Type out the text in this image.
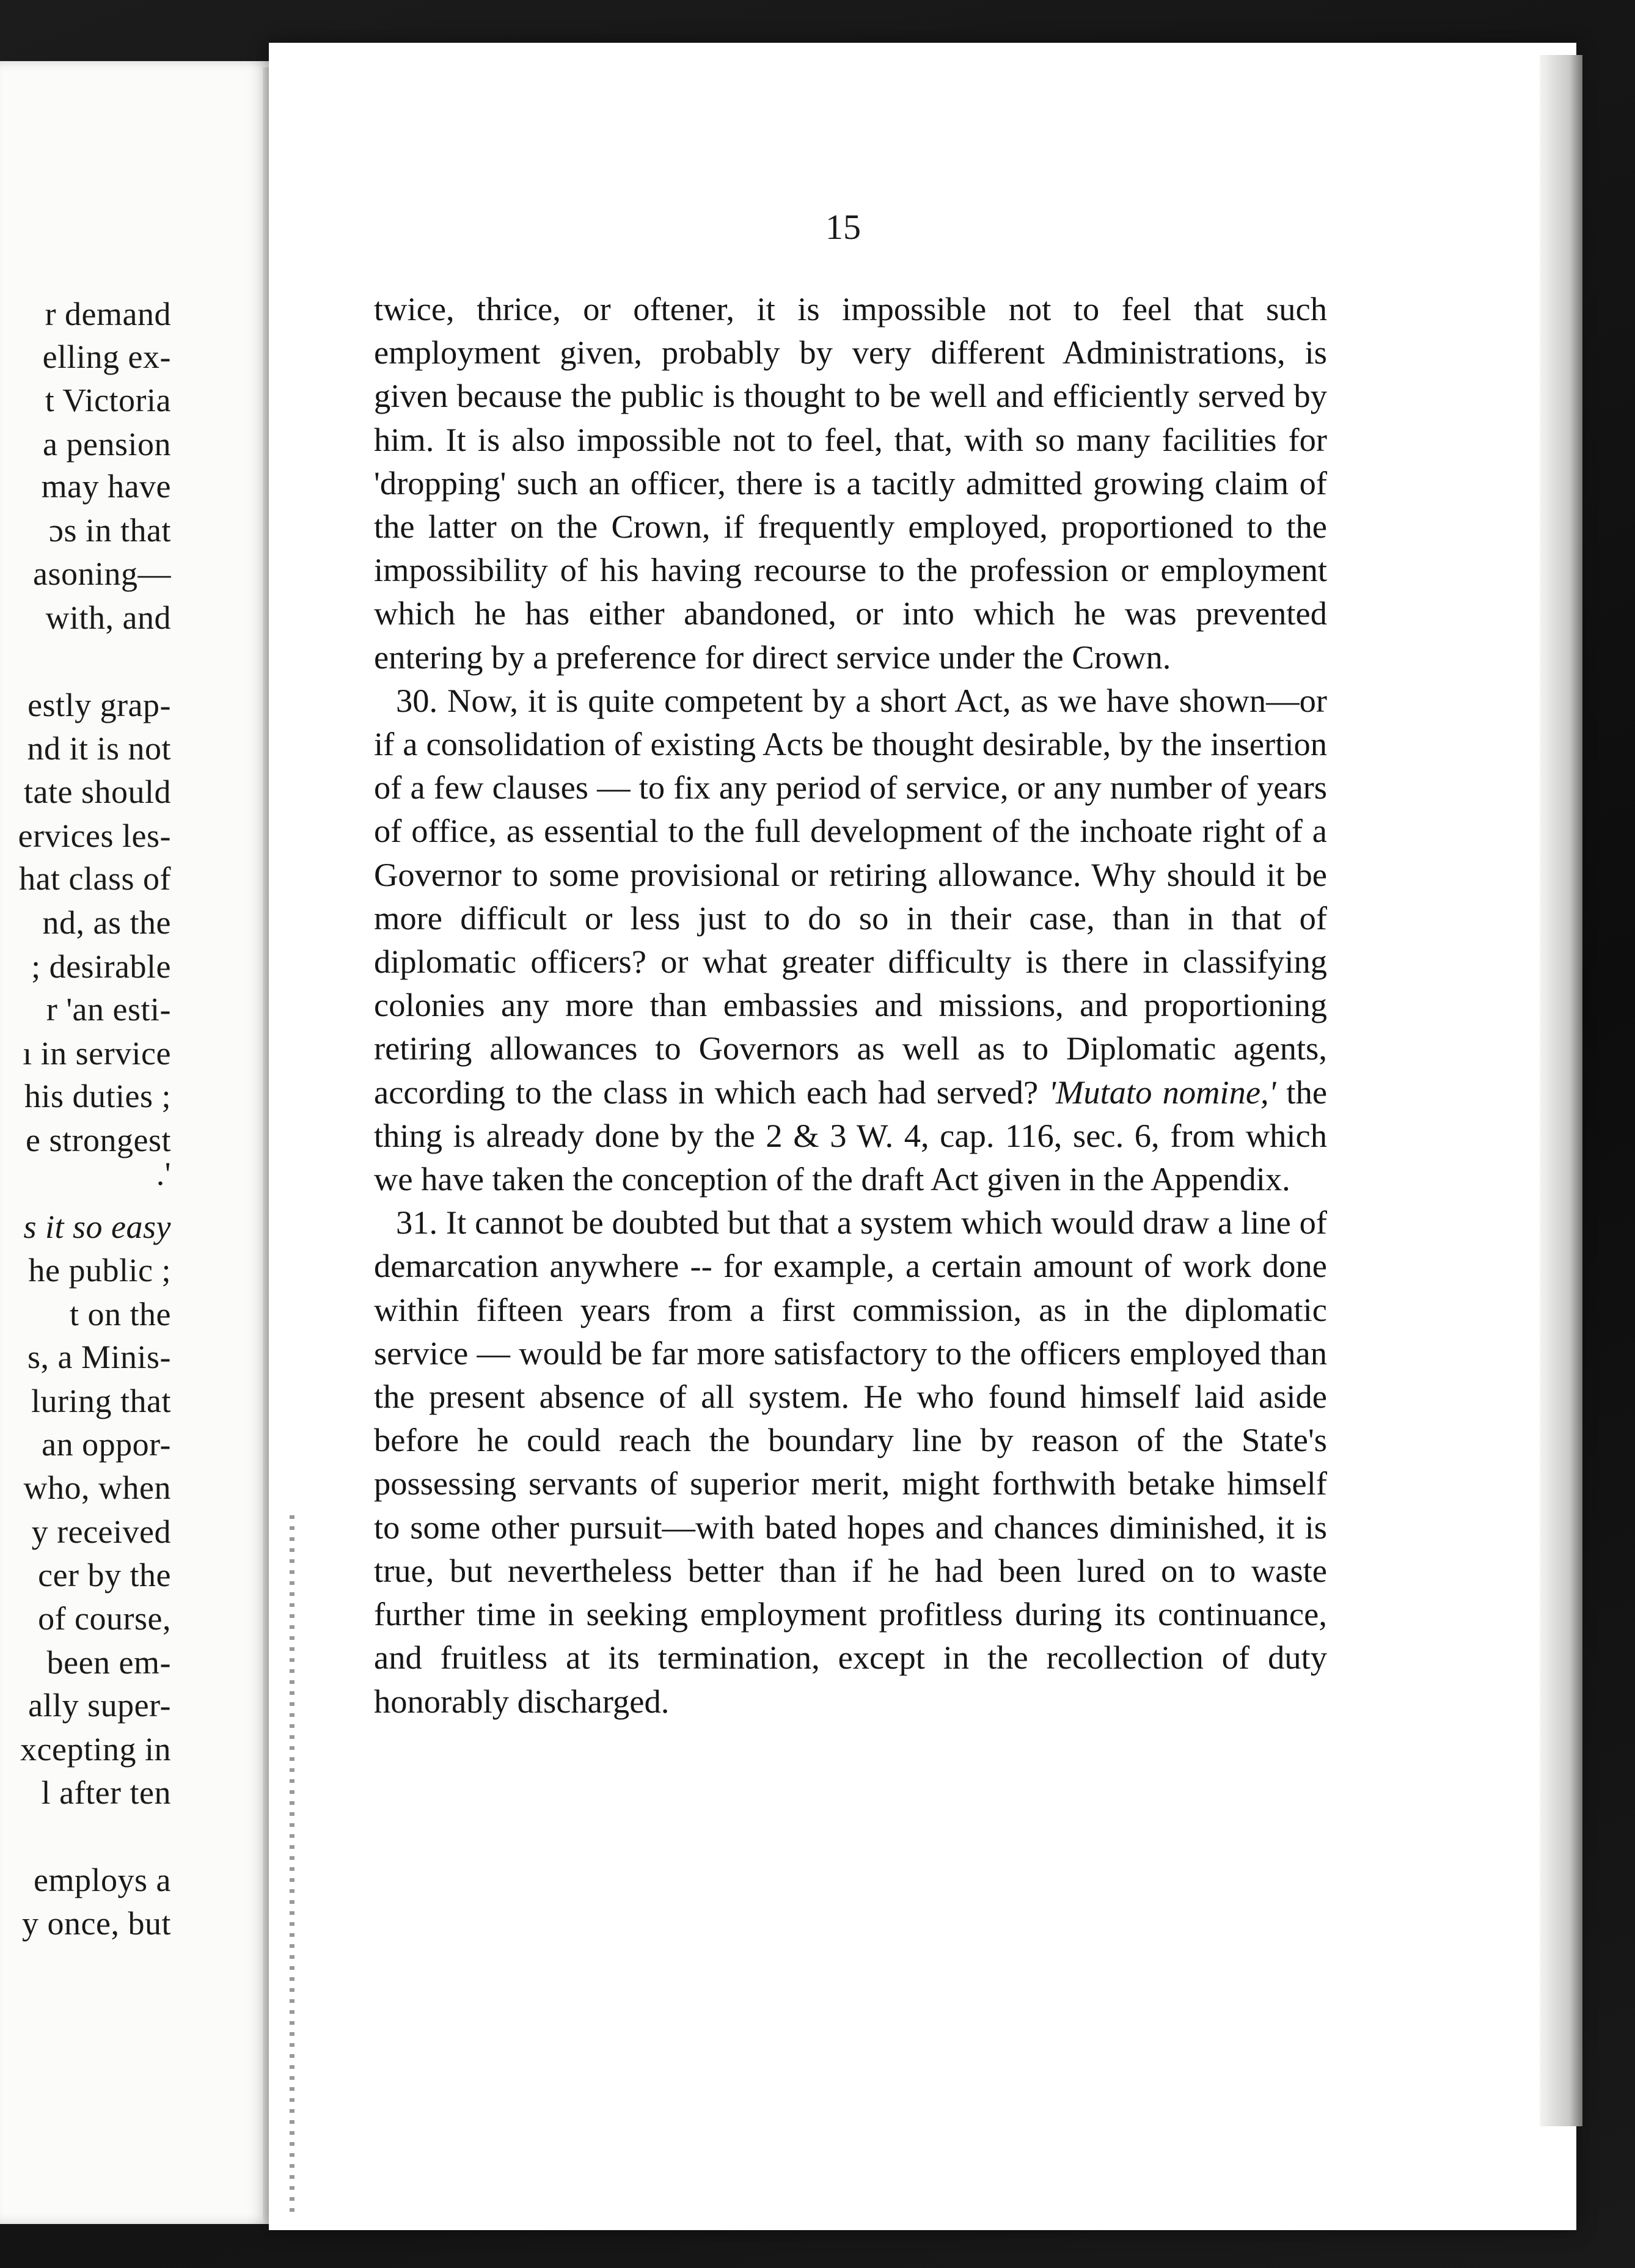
r demand
elling ex-
t Victoria
a pension
may have
ɔs in that
asoning—
with, and
estly grap-
nd it is not
tate should
ervices les-
hat class of
nd, as the
; desirable
r 'an esti-
ı in service
his duties ;
e strongest
.'
s it so easy
he public ;
t on the
s, a Minis-
luring that
an oppor-
who, when
y received
cer by the
of course,
been em-
ally super-
xcepting in
l after ten
employs a
y once, but
15

twice, thrice, or oftener, it is impossible not to feel that such employment given, probably by very different Administrations, is given because the public is thought to be well and efficiently served by him. It is also impossible not to feel, that, with so many facilities for 'dropping' such an officer, there is a tacitly admitted growing claim of the latter on the Crown, if frequently employed, proportioned to the impossibility of his having recourse to the profession or employment which he has either abandoned, or into which he was prevented entering by a preference for direct service under the Crown.

30. Now, it is quite competent by a short Act, as we have shown—or if a consolidation of existing Acts be thought desirable, by the insertion of a few clauses — to fix any period of service, or any number of years of office, as essential to the full development of the inchoate right of a Governor to some provisional or retiring allowance. Why should it be more difficult or less just to do so in their case, than in that of diplomatic officers? or what greater difficulty is there in classifying colonies any more than embassies and missions, and proportioning retiring allowances to Governors as well as to Diplomatic agents, according to the class in which each had served? 'Mutato nomine,' the thing is already done by the 2 & 3 W. 4, cap. 116, sec. 6, from which we have taken the conception of the draft Act given in the Appendix.

31. It cannot be doubted but that a system which would draw a line of demarcation anywhere -- for example, a certain amount of work done within fifteen years from a first commission, as in the diplomatic service — would be far more satisfactory to the officers employed than the present absence of all system. He who found himself laid aside before he could reach the boundary line by reason of the State's possessing servants of superior merit, might forthwith betake himself to some other pursuit—with bated hopes and chances diminished, it is true, but nevertheless better than if he had been lured on to waste further time in seeking employment profitless during its continuance, and fruitless at its termination, except in the recollection of duty honorably discharged.
